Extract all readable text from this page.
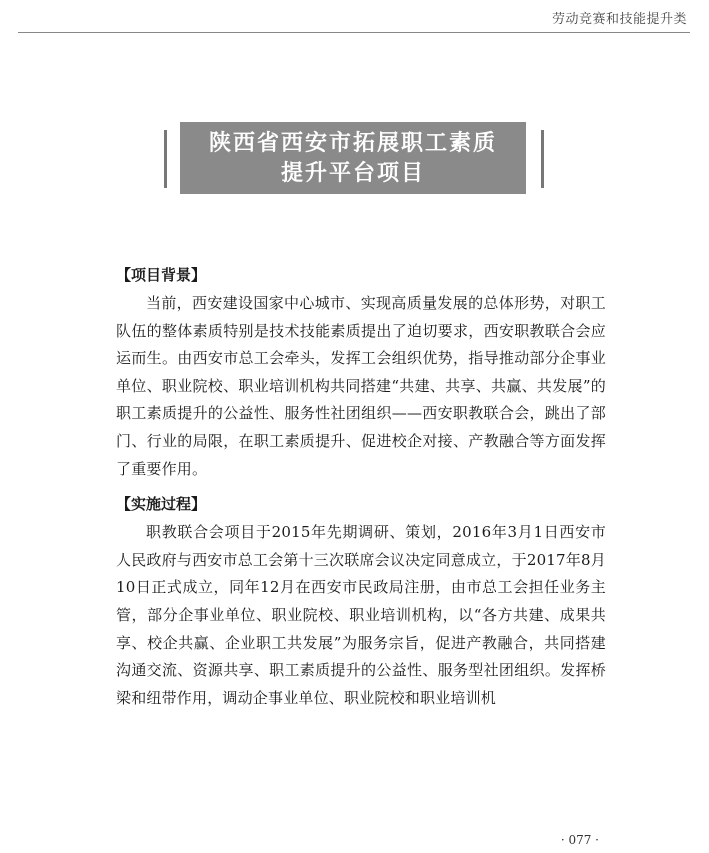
劳动竞赛和技能提升类
陕西省西安市拓展职工素质
提升平台项目

【项目背景】

当前，西安建设国家中心城市、实现高质量发展的总体形势，对职工队伍的整体素质特别是技术技能素质提出了迫切要求，西安职教联合会应运而生。由西安市总工会牵头，发挥工会组织优势，指导推动部分企事业单位、职业院校、职业培训机构共同搭建“共建、共享、共赢、共发展”的职工素质提升的公益性、服务性社团组织——西安职教联合会，跳出了部门、行业的局限，在职工素质提升、促进校企对接、产教融合等方面发挥了重要作用。

【实施过程】

职教联合会项目于2015年先期调研、策划，2016年3月1日西安市人民政府与西安市总工会第十三次联席会议决定同意成立，于2017年8月10日正式成立，同年12月在西安市民政局注册，由市总工会担任业务主管，部分企事业单位、职业院校、职业培训机构，以“各方共建、成果共享、校企共赢、企业职工共发展”为服务宗旨，促进产教融合，共同搭建沟通交流、资源共享、职工素质提升的公益性、服务型社团组织。发挥桥梁和纽带作用，调动企事业单位、职业院校和职业培训机

· 077 ·
